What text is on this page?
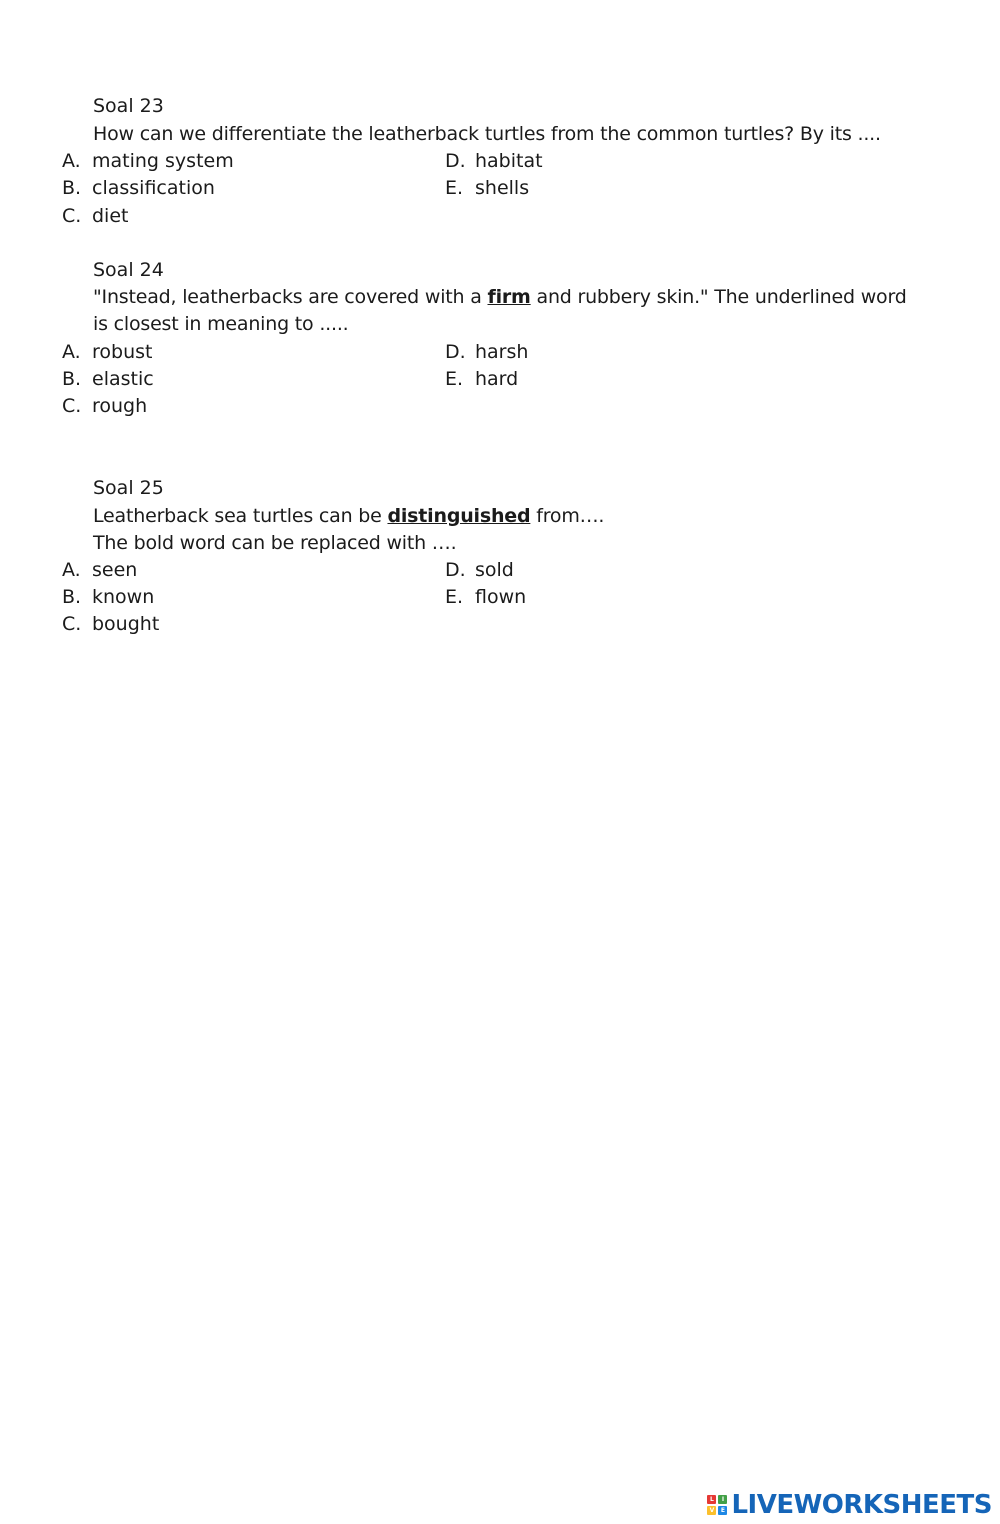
Soal 23
How can we differentiate the leatherback turtles from the common turtles? By its ....
A. mating system
B. classification
C. diet
D. habitat
E. shells
Soal 24
"Instead, leatherbacks are covered with a firm and rubbery skin." The underlined word
is closest in meaning to .....
A. robust
B. elastic
C. rough
D. harsh
E. hard
Soal 25
Leatherback sea turtles can be distinguished from….
The bold word can be replaced with ….
A. seen
B. known
C. bought
D. sold
E. flown
L	I
V	E LIVEWORKSHEETS
